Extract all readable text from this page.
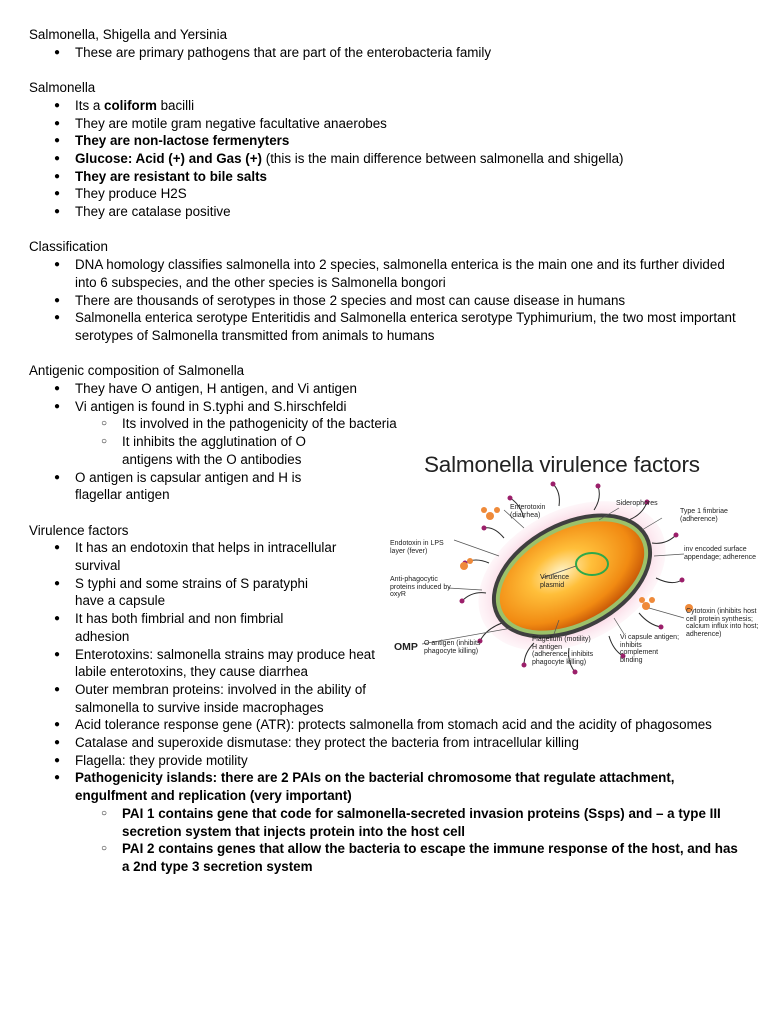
Salmonella, Shigella and Yersinia

● These are primary pathogens that are part of the enterobacteria family

Salmonella

● Its a coliform bacilli
● They are motile gram negative facultative anaerobes
● They are non-lactose fermenyters
● Glucose: Acid (+) and Gas (+) (this is the main difference between salmonella and shigella)
● They are resistant to bile salts
● They produce H2S
● They are catalase positive

Classification

● DNA homology classifies salmonella into 2 species, salmonella enterica is the main one and its further divided into 6 subspecies, and the other species is Salmonella bongori
● There are thousands of serotypes in those 2 species and most can cause disease in humans
● Salmonella enterica serotype Enteritidis and Salmonella enterica serotype Typhimurium, the two most important serotypes of Salmonella transmitted from animals to humans

Antigenic composition of Salmonella

● They have O antigen, H antigen, and Vi antigen
● Vi antigen is found in S.typhi and S.hirschfeldi
○ Its involved in the pathogenicity of the bacteria
○ It inhibits the agglutination of O antigens with the O antibodies
● O antigen is capsular antigen and H is flagellar antigen

Virulence factors

● It has an endotoxin that helps in intracellular survival
● S typhi and some strains of S paratyphi have a capsule
● It has both fimbrial and non fimbrial adhesion
● Enterotoxins: salmonella strains may produce heat labile enterotoxins, they cause diarrhea
● Outer membran proteins: involved in the ability of salmonella to survive inside macrophages
● Acid tolerance response gene (ATR): protects salmonella from stomach acid and the acidity of phagosomes
● Catalase and superoxide dismutase: they protect the bacteria from intracellular killing
● Flagella: they provide motility
● Pathogenicity islands: there are 2 PAIs on the bacterial chromosome that regulate attachment, engulfment and replication (very important)
○ PAI 1 contains gene that code for salmonella-secreted invasion proteins (Ssps) and – a type III secretion system that injects protein into the host cell
○ PAI 2 contains genes that allow the bacteria to escape the immune response of the host, and has a 2nd type 3 secretion system
Salmonella virulence factors
Enterotoxin (diarrhea)
Siderophores
Type 1 fimbriae (adherence)
Endotoxin in LPS layer (fever)	inv encoded surface appendage; adherence
Anti-phagocytic proteins induced by oxyR
Virulence plasmid
Cytotoxin (inhibits host cell protein synthesis; calcium influx into host; adherence)
OMP O antigen (inhibits phagocyte killing)
Flagellum (motility) H antigen (adherence; inhibits phagocyte killing)
Vi capsule antigen; inhibits complement binding
